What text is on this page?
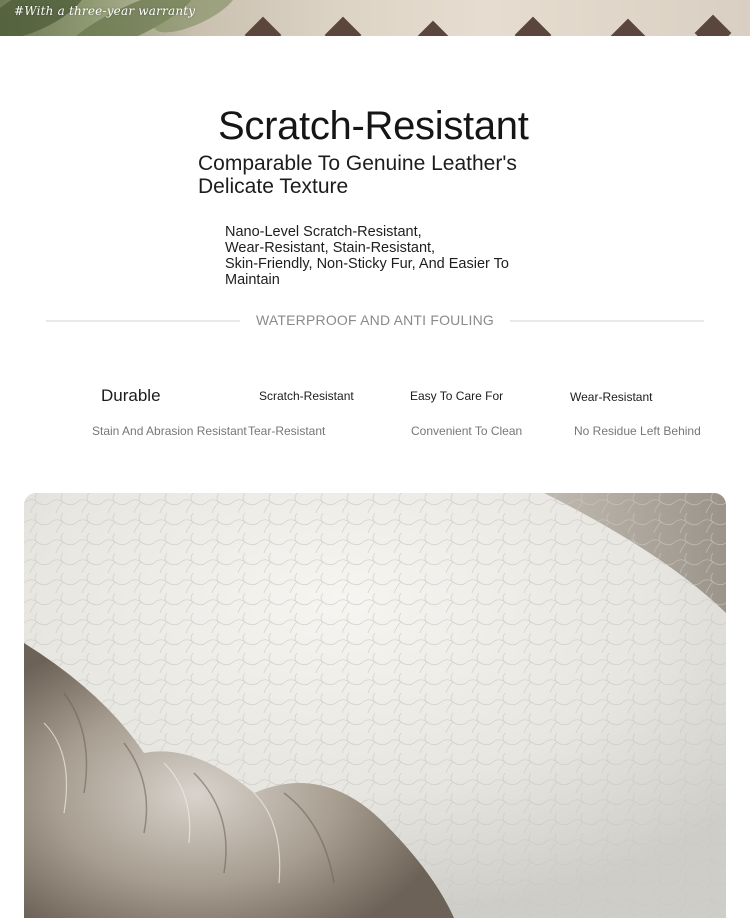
#With a three-year warranty
Scratch-Resistant
Comparable To Genuine Leather's
Delicate Texture
Nano-Level Scratch-Resistant,
Wear-Resistant, Stain-Resistant,
Skin-Friendly, Non-Sticky Fur, And Easier To
Maintain
WATERPROOF AND ANTI FOULING
Durable
Stain And Abrasion Resistant
Scratch-Resistant
Tear-Resistant
Easy To Care For
Convenient To Clean
Wear-Resistant
No Residue Left Behind
